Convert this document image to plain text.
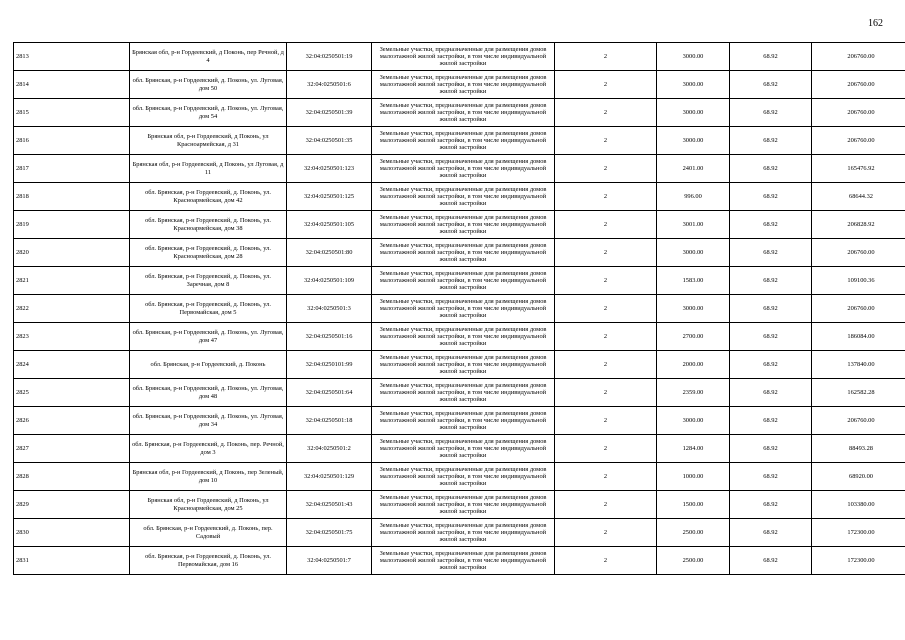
162
2813	Брянская обл, р-н Гордеевский, д Поконь, пер Речной, д 4	32:04:0250501:19	Земельные участки, предназначенные для размещения домов малоэтажной жилой застройки, в том числе индивидуальной жилой застройки	2	3000.00	68.92	206760.00
2814	обл. Брянская, р-н Гордеевский, д. Поконь, ул. Луговая, дом 50	32:04:0250501:6	Земельные участки, предназначенные для размещения домов малоэтажной жилой застройки, в том числе индивидуальной жилой застройки	2	3000.00	68.92	206760.00
2815	обл. Брянская, р-н Гордеевский, д. Поконь, ул. Луговая, дом 54	32:04:0250501:39	Земельные участки, предназначенные для размещения домов малоэтажной жилой застройки, в том числе индивидуальной жилой застройки	2	3000.00	68.92	206760.00
2816	Брянская обл, р-н Гордеевский, д Поконь, ул Красноармейская, д 31	32:04:0250501:35	Земельные участки, предназначенные для размещения домов малоэтажной жилой застройки, в том числе индивидуальной жилой застройки	2	3000.00	68.92	206760.00
2817	Брянская обл, р-н Гордеевский, д Поконь, ул Луговая, д 11	32:04:0250501:123	Земельные участки, предназначенные для размещения домов малоэтажной жилой застройки, в том числе индивидуальной жилой застройки	2	2401.00	68.92	165476.92
2818	обл. Брянская, р-н Гордеевский, д. Поконь, ул. Красноармейская, дом 42	32:04:0250501:125	Земельные участки, предназначенные для размещения домов малоэтажной жилой застройки, в том числе индивидуальной жилой застройки	2	996.00	68.92	68644.32
2819	обл. Брянская, р-н Гордеевский, д. Поконь, ул. Красноармейская, дом 38	32:04:0250501:105	Земельные участки, предназначенные для размещения домов малоэтажной жилой застройки, в том числе индивидуальной жилой застройки	2	3001.00	68.92	206828.92
2820	обл. Брянская, р-н Гордеевский, д. Поконь, ул. Красноармейская, дом 28	32:04:0250501:80	Земельные участки, предназначенные для размещения домов малоэтажной жилой застройки, в том числе индивидуальной жилой застройки	2	3000.00	68.92	206760.00
2821	обл. Брянская, р-н Гордеевский, д. Поконь, ул. Заречная, дом 8	32:04:0250501:109	Земельные участки, предназначенные для размещения домов малоэтажной жилой застройки, в том числе индивидуальной жилой застройки	2	1583.00	68.92	109100.36
2822	обл. Брянская, р-н Гордеевский, д. Поконь, ул. Первомайская, дом 5	32:04:0250501:3	Земельные участки, предназначенные для размещения домов малоэтажной жилой застройки, в том числе индивидуальной жилой застройки	2	3000.00	68.92	206760.00
2823	обл. Брянская, р-н Гордеевский, д. Поконь, ул. Луговая, дом 47	32:04:0250501:16	Земельные участки, предназначенные для размещения домов малоэтажной жилой застройки, в том числе индивидуальной жилой застройки	2	2700.00	68.92	186084.00
2824	обл. Брянская, р-н Гордеевский, д. Поконь	32:04:0250101:99	Земельные участки, предназначенные для размещения домов малоэтажной жилой застройки, в том числе индивидуальной жилой застройки	2	2000.00	68.92	137840.00
2825	обл. Брянская, р-н Гордеевский, д. Поконь, ул. Луговая, дом 48	32:04:0250501:64	Земельные участки, предназначенные для размещения домов малоэтажной жилой застройки, в том числе индивидуальной жилой застройки	2	2359.00	68.92	162582.28
2826	обл. Брянская, р-н Гордеевский, д. Поконь, ул. Луговая, дом 34	32:04:0250501:18	Земельные участки, предназначенные для размещения домов малоэтажной жилой застройки, в том числе индивидуальной жилой застройки	2	3000.00	68.92	206760.00
2827	обл. Брянская, р-н Гордеевский, д. Поконь, пер. Речной, дом 3	32:04:0250501:2	Земельные участки, предназначенные для размещения домов малоэтажной жилой застройки, в том числе индивидуальной жилой застройки	2	1284.00	68.92	88493.28
2828	Брянская обл, р-н Гордеевский, д Поконь, пер Зеленый, дом 10	32:04:0250501:129	Земельные участки, предназначенные для размещения домов малоэтажной жилой застройки, в том числе индивидуальной жилой застройки	2	1000.00	68.92	68920.00
2829	Брянская обл, р-н Гордеевский, д Поконь, ул Красноармейская, дом 25	32:04:0250501:43	Земельные участки, предназначенные для размещения домов малоэтажной жилой застройки, в том числе индивидуальной жилой застройки	2	1500.00	68.92	103380.00
2830	обл. Брянская, р-н Гордеевский, д. Поконь, пер. Садовый	32:04:0250501:75	Земельные участки, предназначенные для размещения домов малоэтажной жилой застройки, в том числе индивидуальной жилой застройки	2	2500.00	68.92	172300.00
2831	обл. Брянская, р-н Гордеевский, д. Поконь, ул. Первомайская, дом 16	32:04:0250501:7	Земельные участки, предназначенные для размещения домов малоэтажной жилой застройки, в том числе индивидуальной жилой застройки	2	2500.00	68.92	172300.00
